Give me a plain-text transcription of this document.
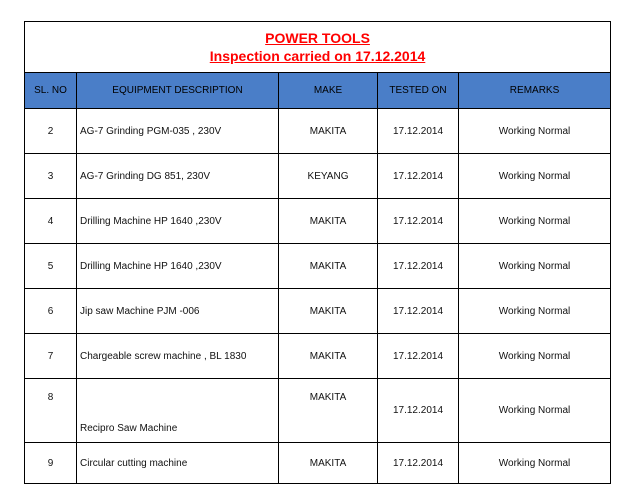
POWER TOOLS
Inspection carried on 17.12.2014				

SL. NO	EQUIPMENT DESCRIPTION	MAKE	TESTED ON	REMARKS
2	AG-7 Grinding PGM-035 , 230V	MAKITA	17.12.2014	Working Normal
3	AG-7 Grinding DG 851, 230V	KEYANG	17.12.2014	Working Normal
4	Drilling Machine HP 1640 ,230V	MAKITA	17.12.2014	Working Normal
5	Drilling Machine HP 1640 ,230V	MAKITA	17.12.2014	Working Normal
6	Jip saw Machine PJM -006	MAKITA	17.12.2014	Working Normal
7	Chargeable screw machine , BL 1830	MAKITA	17.12.2014	Working Normal
8	Recipro Saw Machine	MAKITA	17.12.2014	Working Normal
9	Circular cutting machine	MAKITA	17.12.2014	Working Normal
